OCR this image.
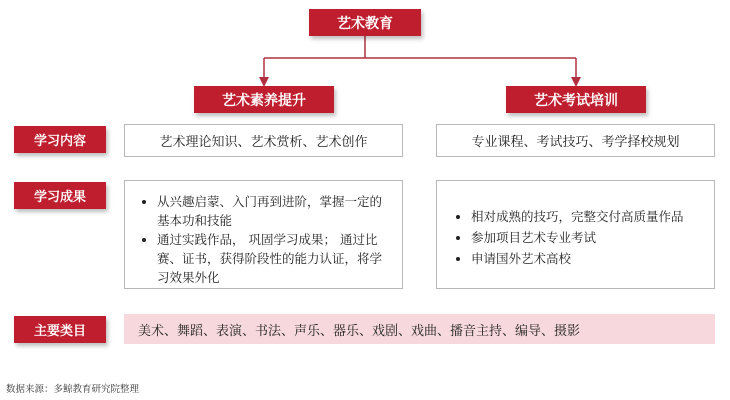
艺术教育
艺术素养提升	艺术考试培训
学习内容	艺术理论知识、艺术赏析、艺术创作	专业课程、考试技巧、考学择校规划
学习成果
•	从兴趣启蒙、入门再到进阶，掌握一定的基本功和技能
• 通过实践作品， 巩固学习成果； 通过比赛、证书，获得阶段性的能力认证，将学习效果外化
• 相对成熟的技巧，完整交付高质量作品
• 参加项目艺术专业考试
• 申请国外艺术高校
主要类目	美术、舞蹈、表演、书法、声乐、器乐、戏剧、戏曲、播音主持、编导、摄影
数据来源：多鲸教育研究院整理
